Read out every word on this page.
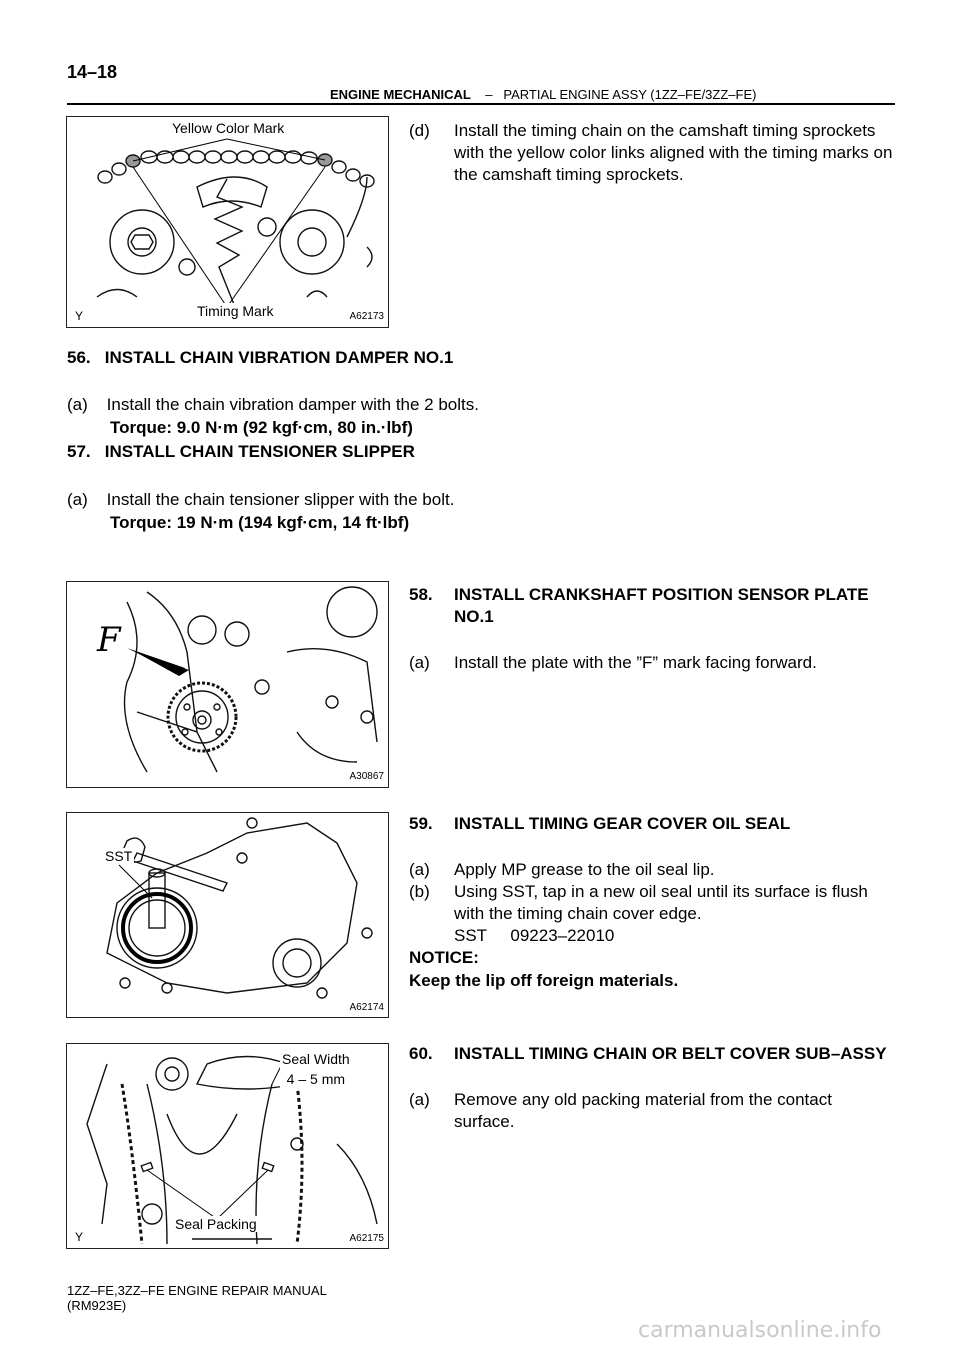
14–18
ENGINE MECHANICAL – PARTIAL ENGINE ASSY (1ZZ–FE/3ZZ–FE)
Yellow Color Mark
Timing Mark
Y	A62173
(d) Install the timing chain on the camshaft timing sprockets with the yellow color links aligned with the timing marks on the camshaft timing sprockets.
56.   INSTALL CHAIN VIBRATION DAMPER NO.1
(a)    Install the chain vibration damper with the 2 bolts.
Torque: 9.0 N·m (92 kgf·cm, 80 in.·lbf)
57.   INSTALL CHAIN TENSIONER SLIPPER
(a)    Install the chain tensioner slipper with the bolt.
Torque: 19 N·m (194 kgf·cm, 14 ft·lbf)
F
A30867
58. INSTALL CRANKSHAFT POSITION SENSOR PLATE NO.1
(a) Install the plate with the ”F” mark facing forward.
SST
A62174
59. INSTALL TIMING GEAR COVER OIL SEAL
(a) Apply MP grease to the oil seal lip.
(b) Using SST, tap in a new oil seal until its surface is flush with the timing chain cover edge.
SST     09223–22010
NOTICE:
Keep the lip off foreign materials.
Seal Width
4 – 5 mm
Seal Packing
Y	A62175
60. INSTALL TIMING CHAIN OR BELT COVER SUB–ASSY
(a) Remove any old packing material from the contact surface.
1ZZ–FE,3ZZ–FE ENGINE REPAIR MANUAL
(RM923E)
carmanualsonline.info
